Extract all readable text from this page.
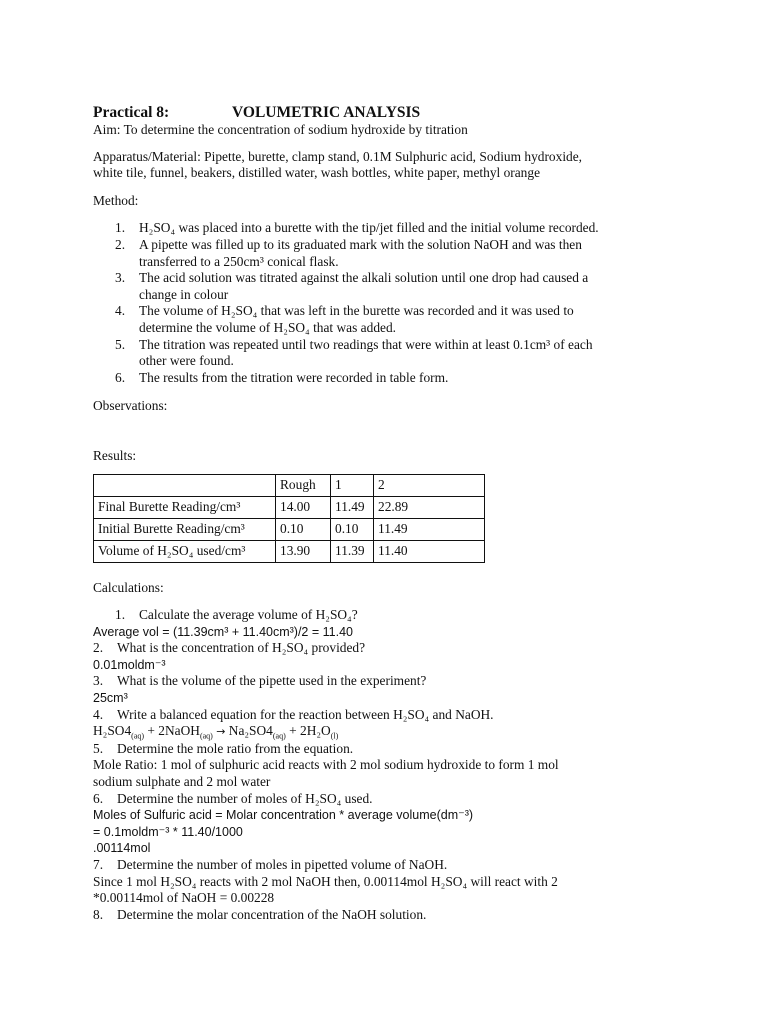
Practical 8:	VOLUMETRIC ANALYSIS

Aim: To determine the concentration of sodium hydroxide by titration

Apparatus/Material: Pipette, burette, clamp stand, 0.1M Sulphuric acid, Sodium hydroxide,

white tile, funnel, beakers, distilled water, wash bottles, white paper, methyl orange

Method:

1.	H₂SO₄ was placed into a burette with the tip/jet filled and the initial volume recorded.
2.	A pipette was filled up to its graduated mark with the solution NaOH and was then
transferred to a 250cm³ conical flask.
3.	The acid solution was titrated against the alkali solution until one drop had caused a
change in colour
4.	The volume of H₂SO₄ that was left in the burette was recorded and it was used to
determine the volume of H₂SO₄ that was added.
5.	The titration was repeated until two readings that were within at least 0.1cm³ of each
other were found.
6.	The results from the titration were recorded in table form.

Observations:

Results:

	Rough	1	2
Final Burette Reading/cm³	14.00	11.49	22.89
Initial Burette Reading/cm³	0.10	0.10	11.49
Volume of H₂SO₄ used/cm³	13.90	11.39	11.40

Calculations:

1.	Calculate the average volume of H₂SO₄?

Average vol = (11.39cm³ + 11.40cm³)/2 = 11.40

2.	What is the concentration of H₂SO₄ provided?

0.01moldm⁻³

3.	What is the volume of the pipette used in the experiment?

25cm³

4.	Write a balanced equation for the reaction between H₂SO₄ and NaOH.

$H_2SO4_{(aq)}$ + 2NaOH$_{(aq)}$ → $Na_2SO4_{(aq)} + 2H_2O_{(l)}$

5.	Determine the mole ratio from the equation.

Mole Ratio: 1 mol of sulphuric acid reacts with 2 mol sodium hydroxide to form 1 mol

sodium sulphate and 2 mol water

6.	Determine the number of moles of H₂SO₄ used.

Moles of Sulfuric acid = Molar concentration * average volume(dm⁻³)

= 0.1moldm⁻³ * 11.40/1000

.00114mol

7.	Determine the number of moles in pipetted volume of NaOH.

Since 1 mol H₂SO₄ reacts with 2 mol NaOH then, 0.00114mol H₂SO₄ will react with 2

*0.00114mol of NaOH = 0.00228

8.	Determine the molar concentration of the NaOH solution.
